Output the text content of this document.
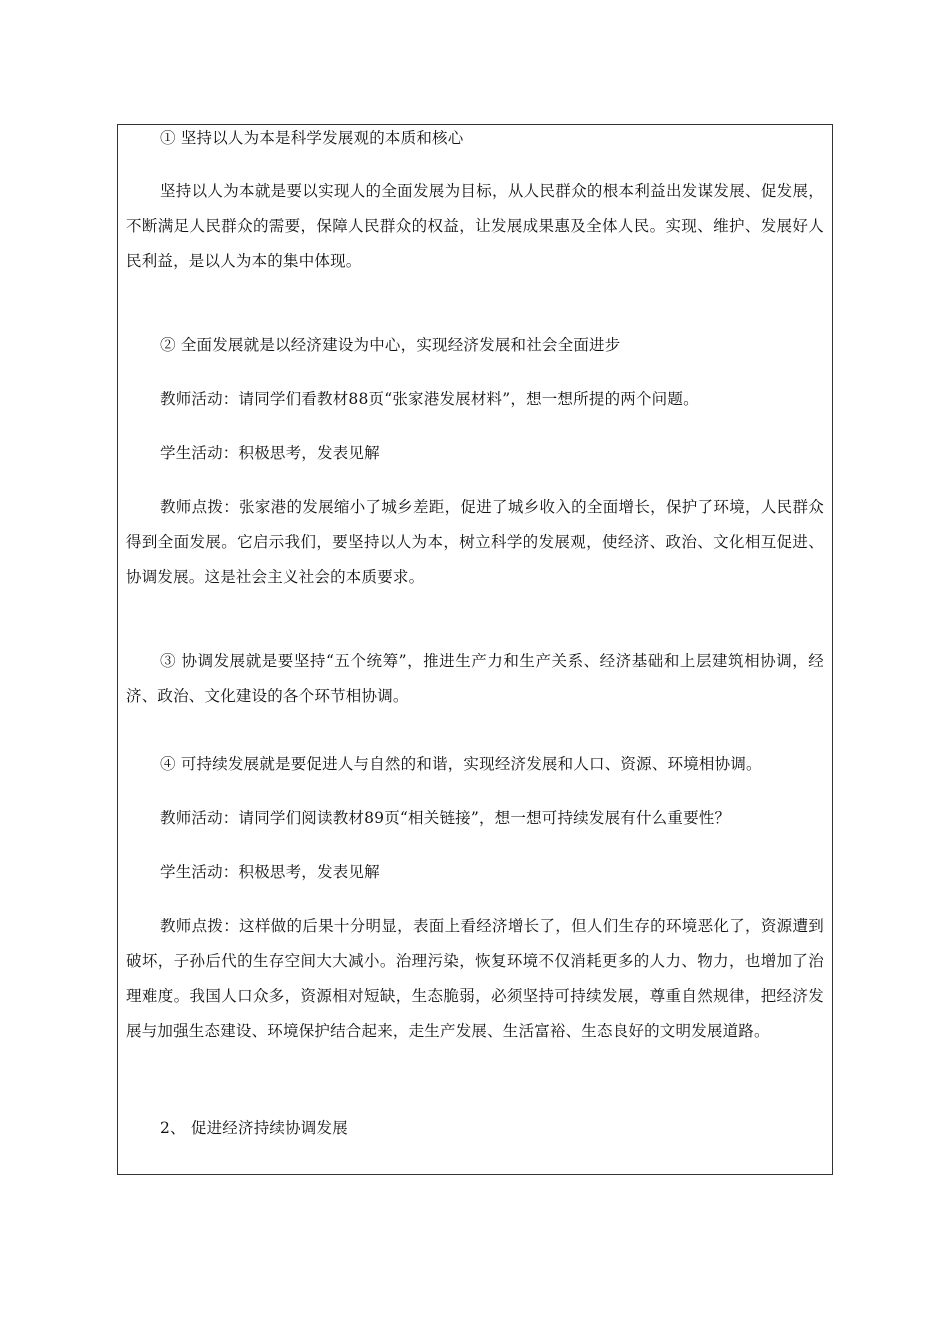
① 坚持以人为本是科学发展观的本质和核心

坚持以人为本就是要以实现人的全面发展为目标，从人民群众的根本利益出发谋发展、促发展，不断满足人民群众的需要，保障人民群众的权益，让发展成果惠及全体人民。实现、维护、发展好人民利益，是以人为本的集中体现。

② 全面发展就是以经济建设为中心，实现经济发展和社会全面进步

教师活动：请同学们看教材88页“张家港发展材料”，想一想所提的两个问题。

学生活动：积极思考，发表见解

教师点拨：张家港的发展缩小了城乡差距，促进了城乡收入的全面增长，保护了环境，人民群众得到全面发展。它启示我们，要坚持以人为本，树立科学的发展观，使经济、政治、文化相互促进、协调发展。这是社会主义社会的本质要求。

③ 协调发展就是要坚持“五个统筹”，推进生产力和生产关系、经济基础和上层建筑相协调，经济、政治、文化建设的各个环节相协调。

④ 可持续发展就是要促进人与自然的和谐，实现经济发展和人口、资源、环境相协调。

教师活动：请同学们阅读教材89页“相关链接”，想一想可持续发展有什么重要性？

学生活动：积极思考，发表见解

教师点拨：这样做的后果十分明显，表面上看经济增长了，但人们生存的环境恶化了，资源遭到破坏，子孙后代的生存空间大大减小。治理污染，恢复环境不仅消耗更多的人力、物力，也增加了治理难度。我国人口众多，资源相对短缺，生态脆弱，必须坚持可持续发展，尊重自然规律，把经济发展与加强生态建设、环境保护结合起来，走生产发展、生活富裕、生态良好的文明发展道路。

2、 促进经济持续协调发展
